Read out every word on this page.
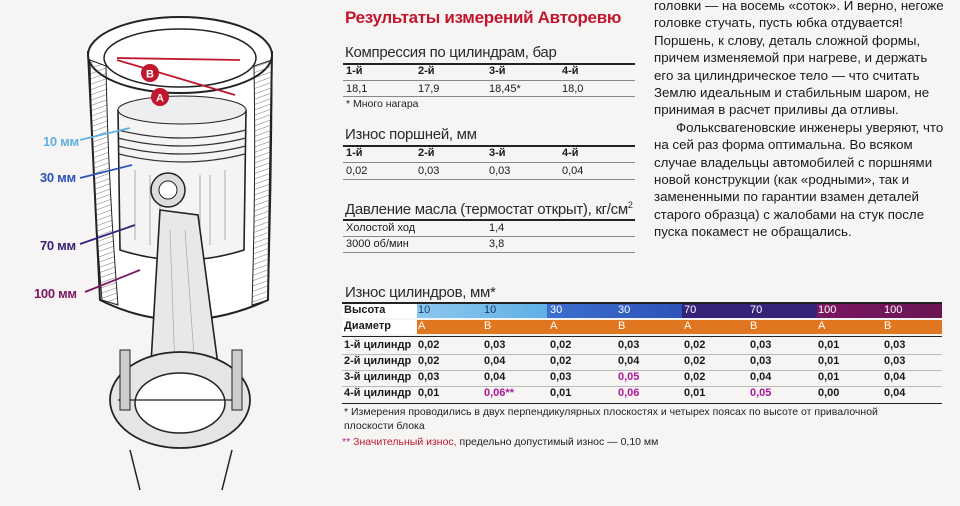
B
A
10 мм
30 мм
70 мм
100 мм
Результаты измерений Авторевю
Компрессия по цилиндрам, бар
1-й	2-й	3-й	4-й
18,1	17,9	18,45*	18,0
* Много нагара
Износ поршней, мм
1-й	2-й	3-й	4-й
0,02	0,03	0,03	0,04
Давление масла (термостат открыт), $кг/см^2$
Холостой ход	1,4
3000 об/мин	3,8

головки — на восемь «соток». И верно, негоже головке стучать, пусть юбка отдувается! Поршень, к слову, деталь сложной формы, причем изменяемой при нагреве, и держать его за цилиндрическое тело — что считать Землю идеальным и стабильным шаром, не принимая в расчет приливы да отливы.

Фольксвагеновские инженеры уверяют, что на сей раз форма оптимальна. Во всяком случае владельцы автомобилей с поршнями новой конструкции (как «родными», так и замененными по гарантии взамен деталей старого образца) с жалобами на стук после пуска покамест не обращались.

Износ цилиндров, мм*
Высота	10	10	30	30	70	70	100	100
Диаметр A	B	A	B	A	B	A	B
1-й цилиндр 0,02	0,03	0,02	0,03	0,02	0,03	0,01	0,03
2-й цилиндр 0,02	0,04	0,02	0,04	0,02	0,03	0,01	0,03
3-й цилиндр 0,03	0,04	0,03	0,05	0,02	0,04	0,01	0,04
4-й цилиндр 0,01	0,06**	0,01	0,06	0,01	0,05	0,00	0,04
* Измерения проводились в двух перпендикулярных плоскостях и четырех поясах по высоте от привалочной
плоскости блока
** Значительный износ, предельно допустимый износ — 0,10 мм
